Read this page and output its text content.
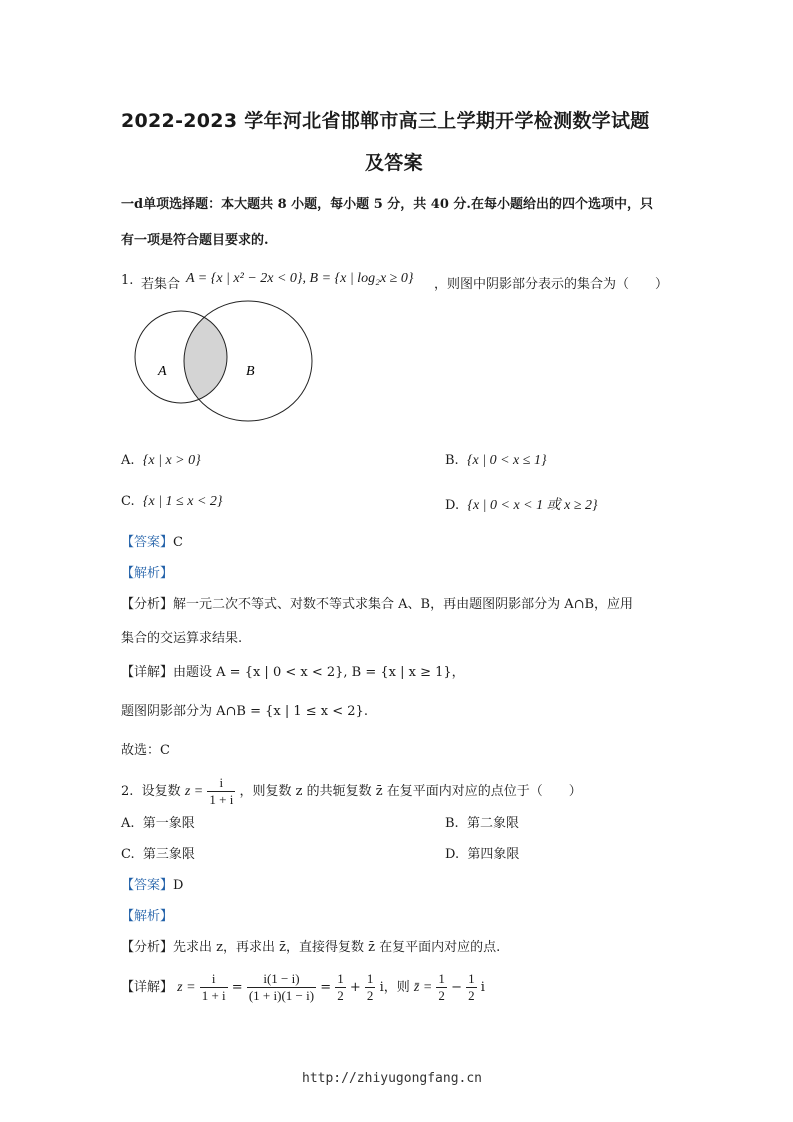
2022-2023 学年河北省邯郸市高三上学期开学检测数学试题
及答案
一d单项选择题：本大题共 8 小题，每小题 5 分，共 40 分.在每小题给出的四个选项中，只
有一项是符合题目要求的.
1. 若集合 A = {x | x² − 2x < 0}, B = {x | log₂x ≥ 0} ，则图中阴影部分表示的集合为（　　）
A	B
A. {x | x > 0}	B. {x | 0 < x ≤ 1}
C. {x | 1 ≤ x < 2}	D. {x | 0 < x < 1 或 x ≥ 2}
【答案】C
【解析】
【分析】解一元二次不等式、对数不等式求集合 A、B，再由题图阴影部分为 A∩B，应用
集合的交运算求结果.
【详解】由题设 A = {x | 0 < x < 2}, B = {x | x ≥ 1}，
题图阴影部分为 A∩B = {x | 1 ≤ x < 2}.
故选：C
2. 设复数 $z = \frac{i}{1 + i}$ ，则复数 z 的共轭复数 z̄ 在复平面内对应的点位于（　　）
A. 第一象限	B. 第二象限
C. 第三象限	D. 第四象限
【答案】D
【解析】
【分析】先求出 z，再求出 z̄，直接得复数 z̄ 在复平面内对应的点.
【详解】 $z = \frac{i}{1 + i} = \frac{i(1 - i)}{(1 + i)(1 - i)} = \frac{1}{2} + \frac{1}{2}$ i，则 z̄ = $\frac{1}{2} - \frac{1}{2}$ i
http://zhiyugongfang.cn
